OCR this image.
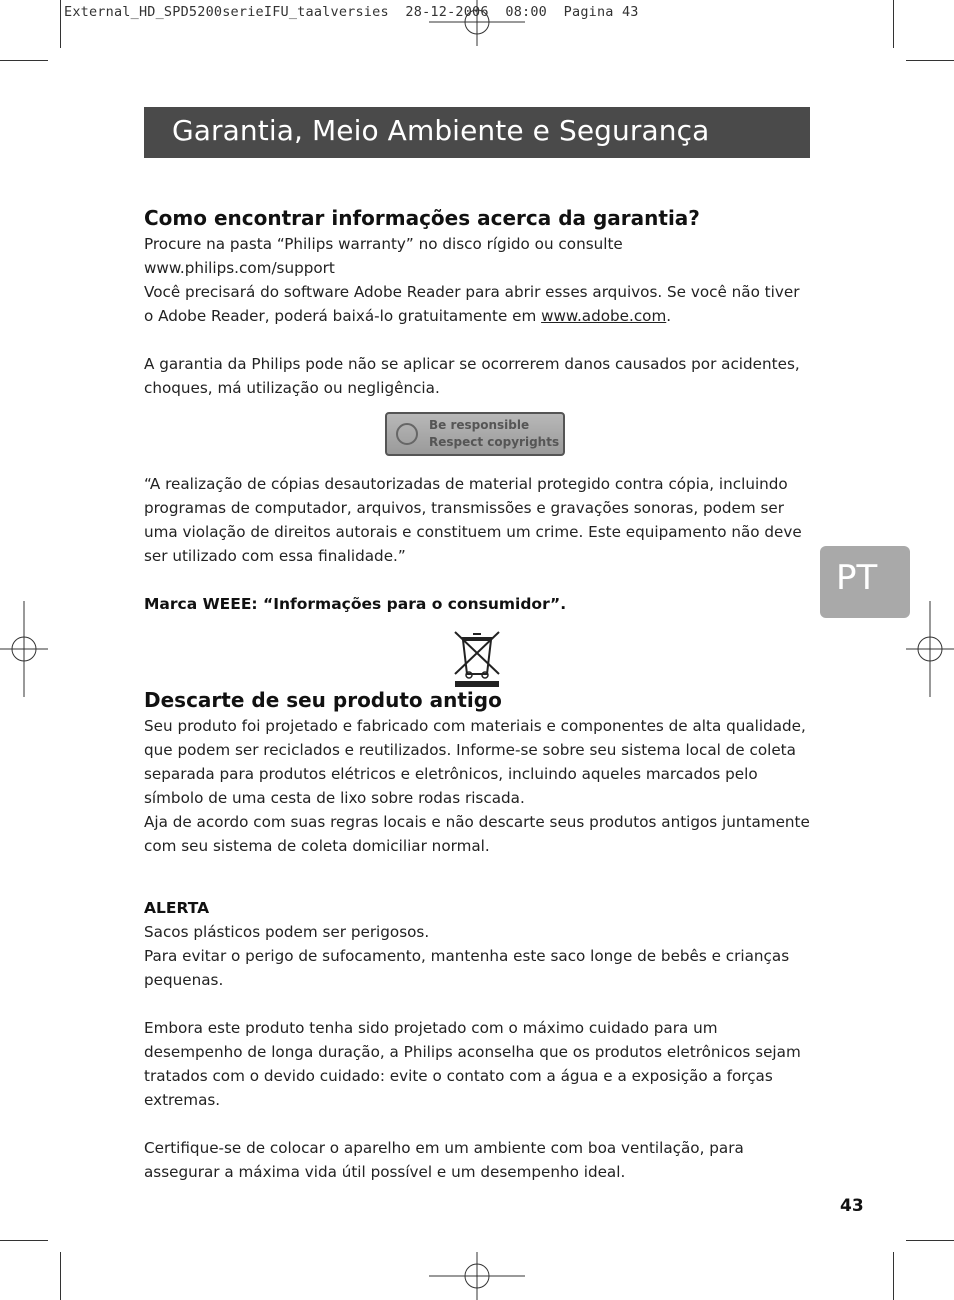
External_HD_SPD5200serieIFU_taalversies  28-12-2006  08:00  Pagina 43
Garantia, Meio Ambiente e Segurança
PT
Como encontrar informações acerca da garantia?

Procure na pasta “Philips warranty” no disco rígido ou consulte

www.philips.com/support

Você precisará do software Adobe Reader para abrir esses arquivos. Se você não tiver o Adobe Reader, poderá baixá-lo gratuitamente em www.adobe.com.

A garantia da Philips pode não se aplicar se ocorrerem danos causados por acidentes, choques, má utilização ou negligência.

Be responsible
Respect copyrights

“A realização de cópias desautorizadas de material protegido contra cópia, incluindo programas de computador, arquivos, transmissões e gravações sonoras, podem ser uma violação de direitos autorais e constituem um crime. Este equipamento não deve ser utilizado com essa finalidade.”

Marca WEEE: “Informações para o consumidor”.

Descarte de seu produto antigo

Seu produto foi projetado e fabricado com materiais e componentes de alta qualidade, que podem ser reciclados e reutilizados. Informe-se sobre seu sistema local de coleta separada para produtos elétricos e eletrônicos, incluindo aqueles marcados pelo símbolo de uma cesta de lixo sobre rodas riscada.

Aja de acordo com suas regras locais e não descarte seus produtos antigos juntamente com seu sistema de coleta domiciliar normal.

ALERTA

Sacos plásticos podem ser perigosos.

Para evitar o perigo de sufocamento, mantenha este saco longe de bebês e crianças pequenas.

Embora este produto tenha sido projetado com o máximo cuidado para um desempenho de longa duração, a Philips aconselha que os produtos eletrônicos sejam tratados com o devido cuidado: evite o contato com a água e a exposição a forças extremas.

Certifique-se de colocar o aparelho em um ambiente com boa ventilação, para assegurar a máxima vida útil possível e um desempenho ideal.

43
